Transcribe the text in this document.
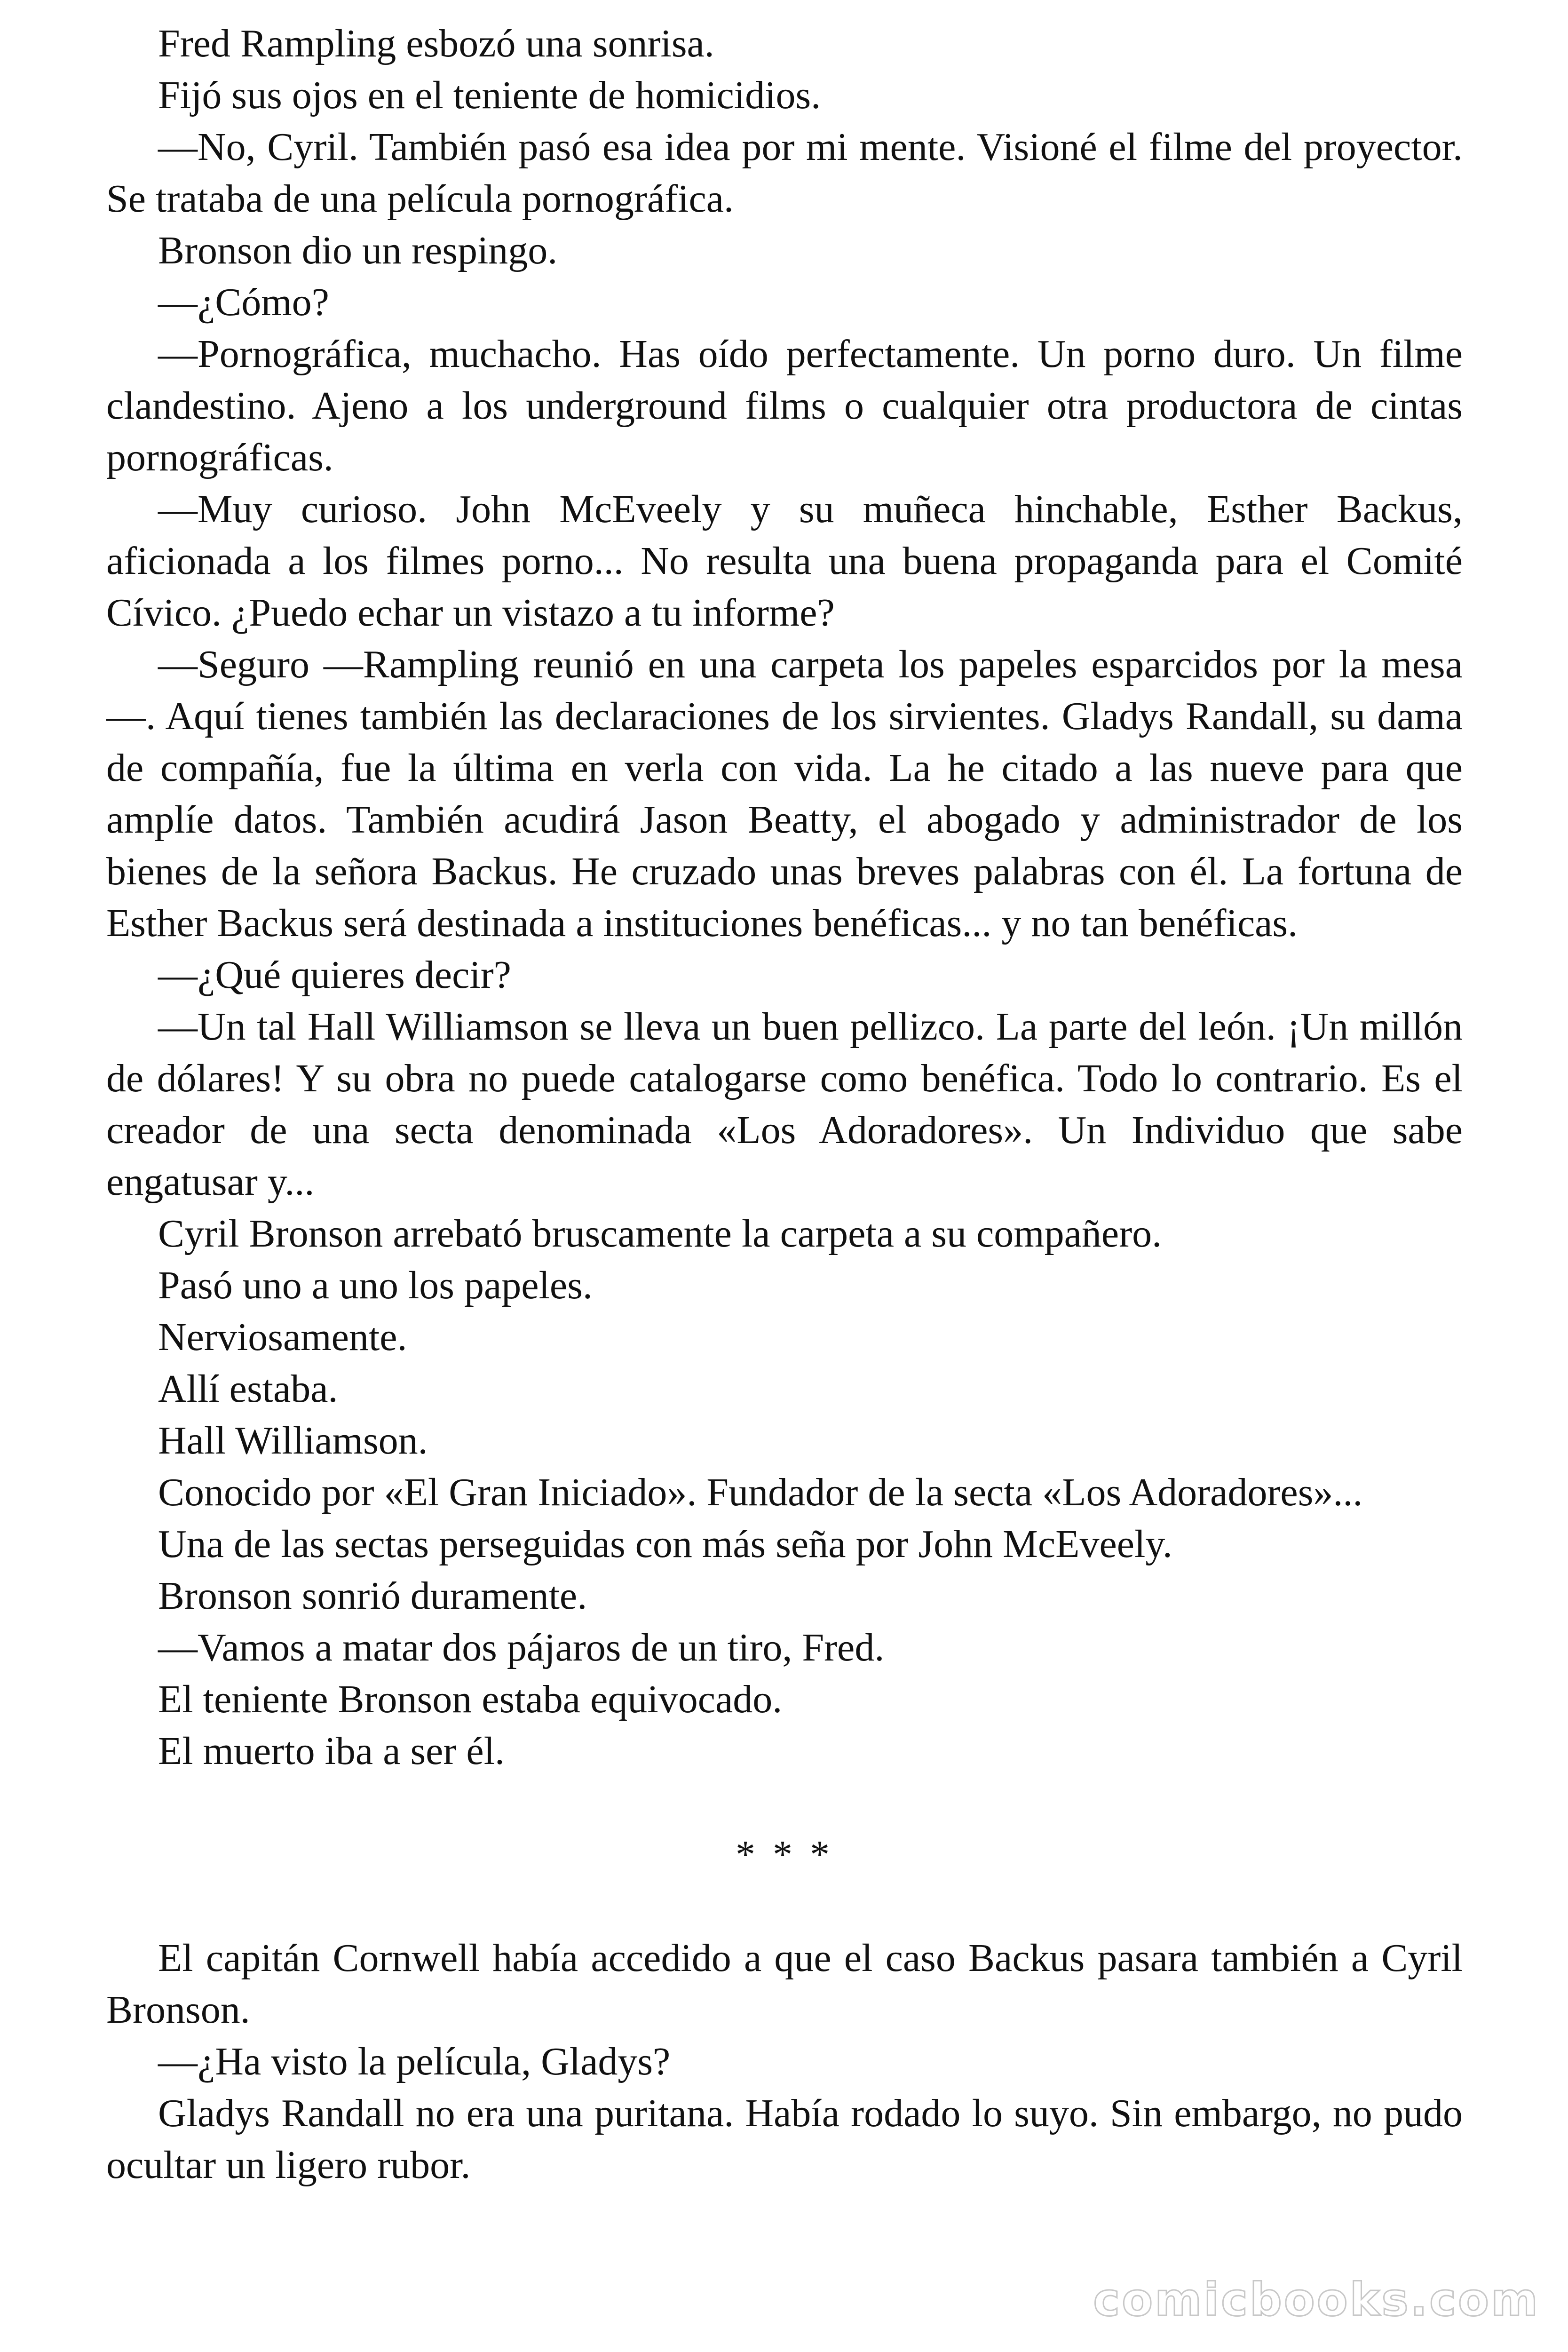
Fred Rampling esbozó una sonrisa.

Fijó sus ojos en el teniente de homicidios.

—No, Cyril. También pasó esa idea por mi mente. Visioné el filme del proyector. Se trataba de una película pornográfica.

Bronson dio un respingo.

—¿Cómo?

—Pornográfica, muchacho. Has oído perfectamente. Un porno duro. Un filme clandestino. Ajeno a los underground films o cualquier otra productora de cintas pornográficas.

—Muy curioso. John McEveely y su muñeca hinchable, Esther Backus, aficionada a los filmes porno... No resulta una buena propaganda para el Comité Cívico. ¿Puedo echar un vistazo a tu informe?

—Seguro —Rampling reunió en una carpeta los papeles esparcidos por la mesa—. Aquí tienes también las declaraciones de los sirvientes. Gladys Randall, su dama de compañía, fue la última en verla con vida. La he citado a las nueve para que amplíe datos. También acudirá Jason Beatty, el abogado y administrador de los bienes de la señora Backus. He cruzado unas breves palabras con él. La fortuna de Esther Backus será destinada a instituciones benéficas... y no tan benéficas.

—¿Qué quieres decir?

—Un tal Hall Williamson se lleva un buen pellizco. La parte del león. ¡Un millón de dólares! Y su obra no puede catalogarse como benéfica. Todo lo contrario. Es el creador de una secta denominada «Los Adoradores». Un Individuo que sabe engatusar y...

Cyril Bronson arrebató bruscamente la carpeta a su compañero.

Pasó uno a uno los papeles.

Nerviosamente.

Allí estaba.

Hall Williamson.

Conocido por «El Gran Iniciado». Fundador de la secta «Los Adoradores»...

Una de las sectas perseguidas con más seña por John McEveely.

Bronson sonrió duramente.

—Vamos a matar dos pájaros de un tiro, Fred.

El teniente Bronson estaba equivocado.

El muerto iba a ser él.

* * *

El capitán Cornwell había accedido a que el caso Backus pasara también a Cyril Bronson.

—¿Ha visto la película, Gladys?

Gladys Randall no era una puritana. Había rodado lo suyo. Sin embargo, no pudo ocultar un ligero rubor.

comicbooks.com
